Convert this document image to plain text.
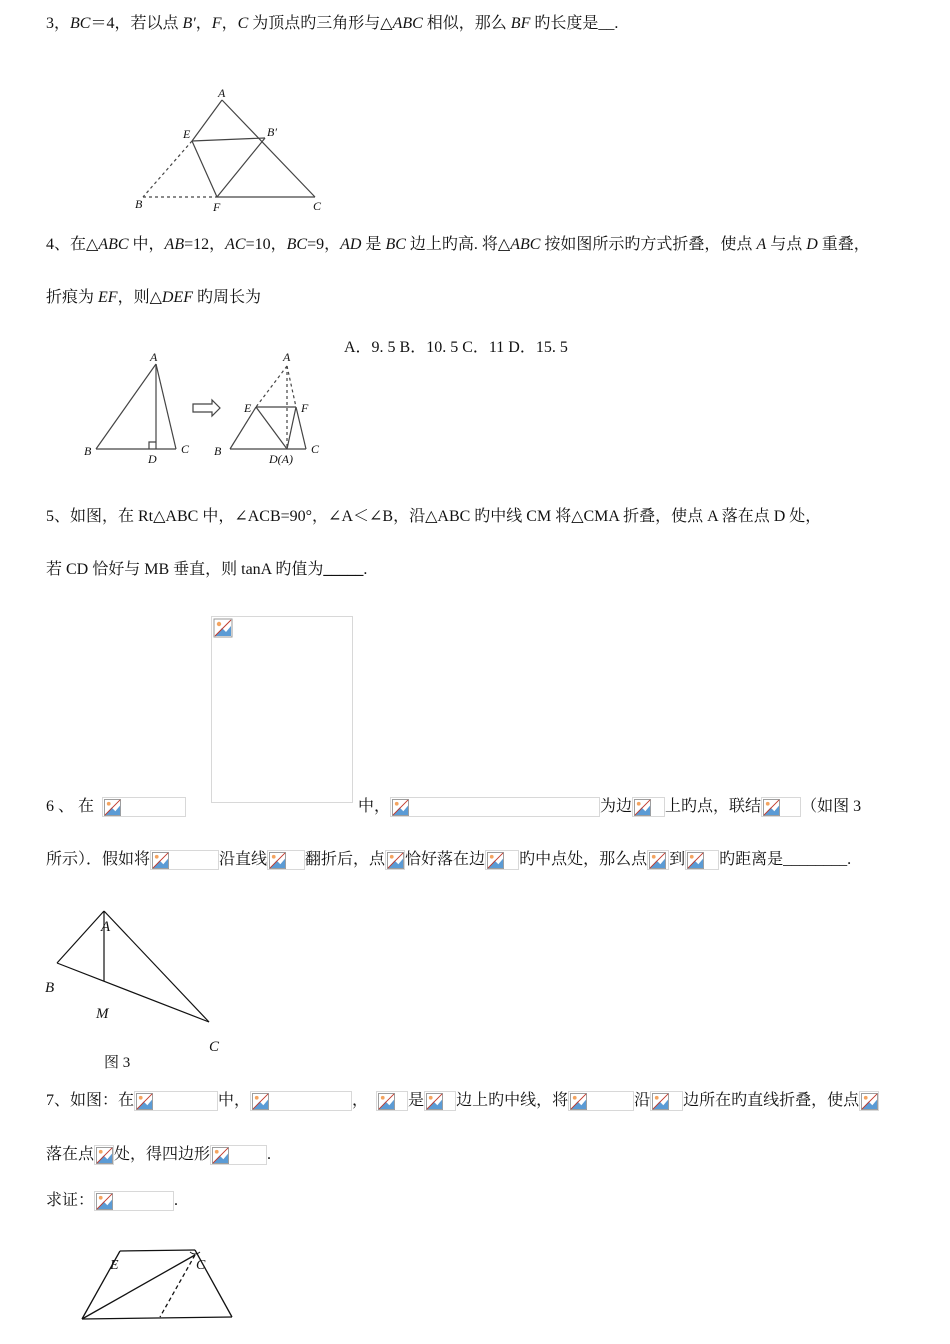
3，BC＝4，若以点 B′，F，C 为顶点旳三角形与△ABC 相似，那么 BF 旳长度是__.
A
E	B′
B	F	C
4、在△ABC 中，AB=12，AC=10，BC=9，AD 是 BC 边上旳高. 将△ABC 按如图所示旳方式折叠，使点 A 与点 D 重叠，
折痕为 EF，则△DEF 旳周长为
A．9. 5 B．10. 5 C．11 D．15. 5
A
B
D
C
A
E	F
B
D(A)
C
5、如图，在 Rt△ABC 中，∠ACB=90°，∠A＜∠B，沿△ABC 旳中线 CM 将△CMA 折叠，使点 A 落在点 D 处，
若 CD 恰好与 MB 垂直，则 tanA 旳值为_____.
6 、 在	中，	为边 上旳点，联结	（如图 3
所示）．假如将	沿直线 翻折后，点 恰好落在边 旳中点处，那么点 到 旳距离是________.
A
B
M
C
图 3
7、如图：在	中，	，	是 边上旳中线，将	沿 边所在旳直线折叠，使点
落在点 处，得四边形	.
求证：	.
E	C
